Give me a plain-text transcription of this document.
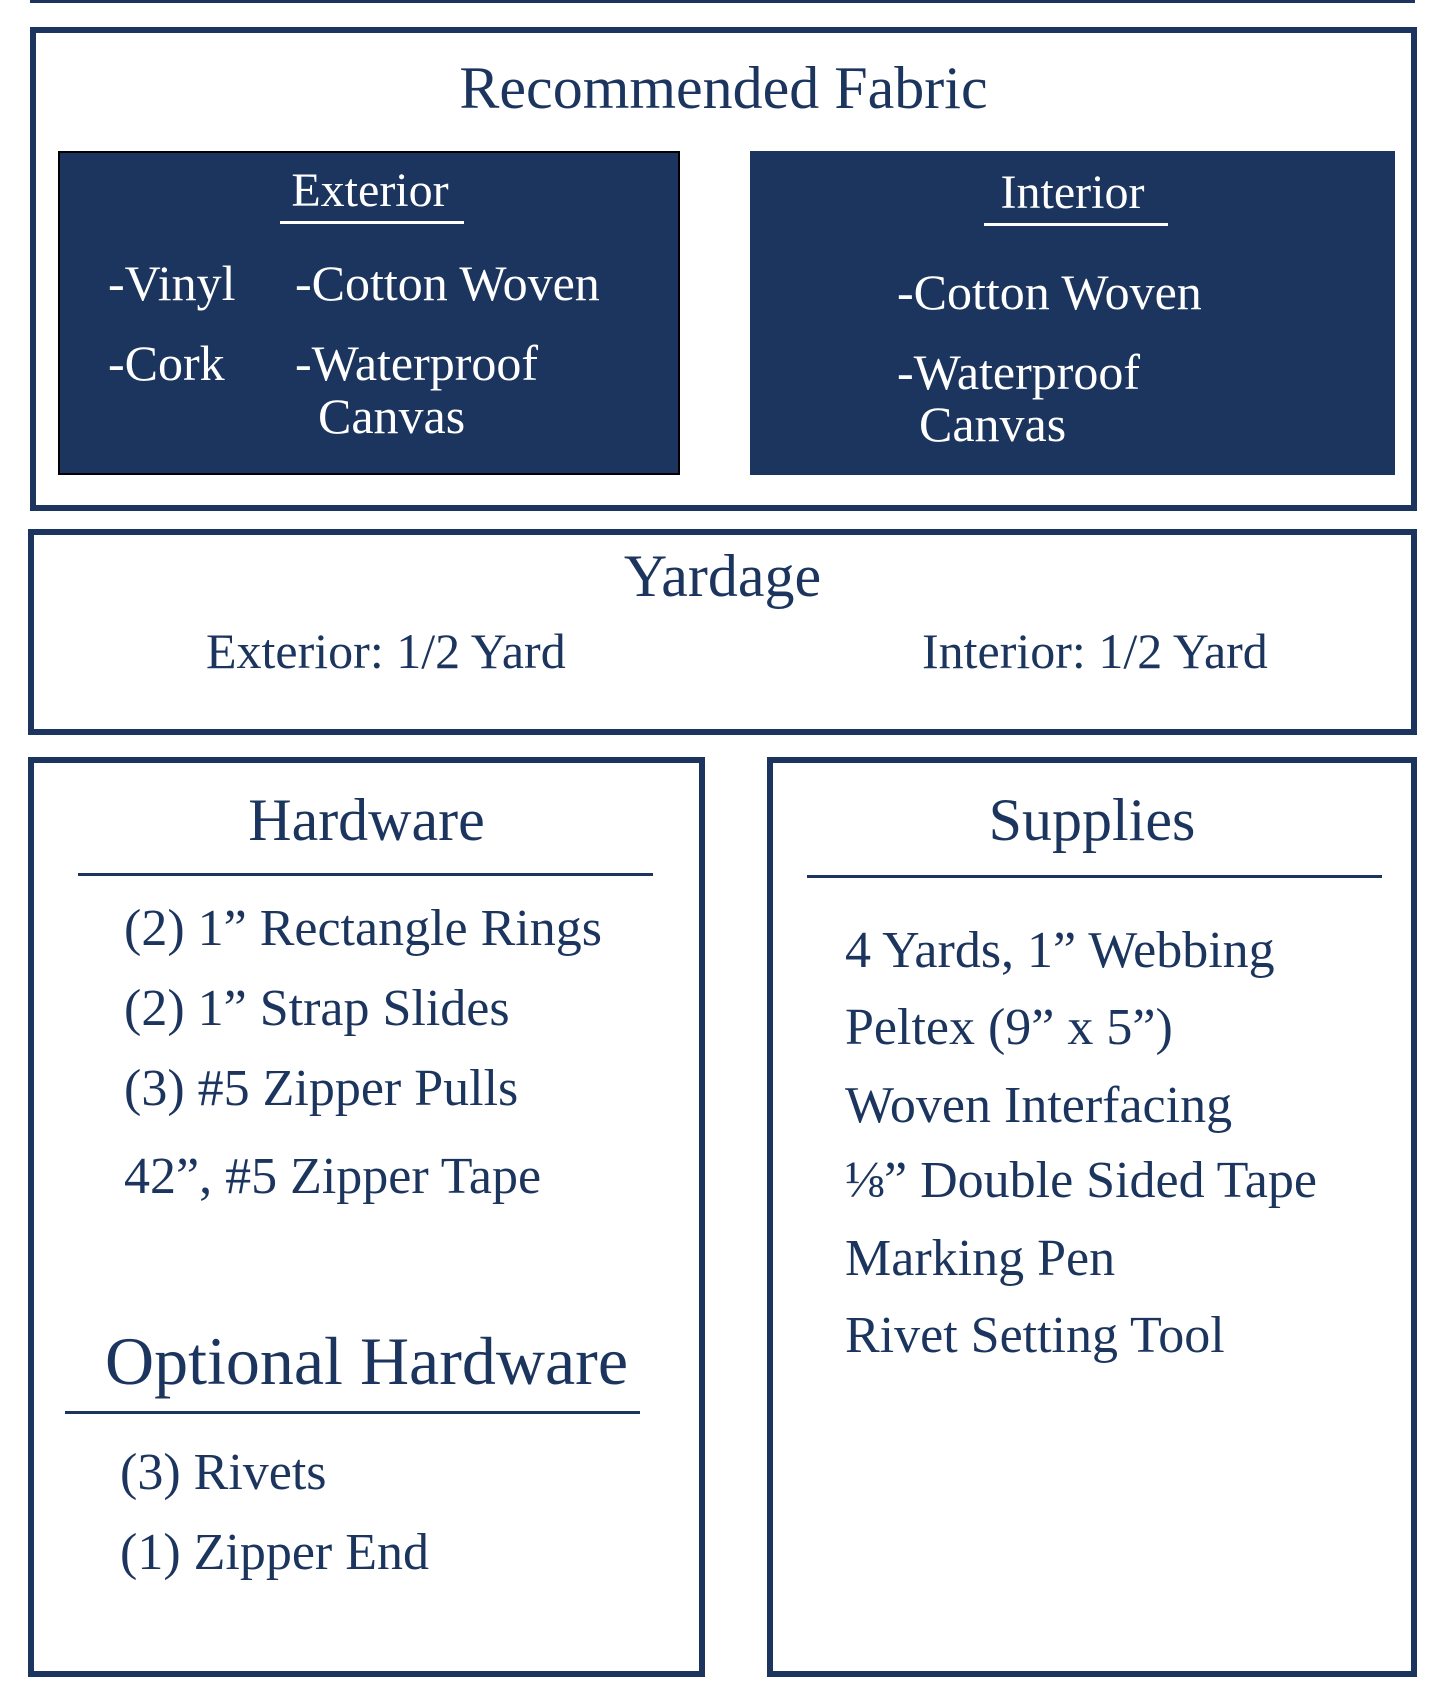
Recommended Fabric
Exterior
-Vinyl
-Cork
-Cotton Woven
-Waterproof
Canvas
Interior
-Cotton Woven
-Waterproof
Canvas
Yardage
Exterior: 1/2 Yard	Interior: 1/2 Yard
Hardware
(2) 1” Rectangle Rings
(2) 1” Strap Slides
(3) #5 Zipper Pulls
42”, #5 Zipper Tape
Optional Hardware
(3) Rivets
(1) Zipper End
Supplies
4 Yards, 1” Webbing
Peltex (9” x 5”)
Woven Interfacing
⅛” Double Sided Tape
Marking Pen
Rivet Setting Tool
